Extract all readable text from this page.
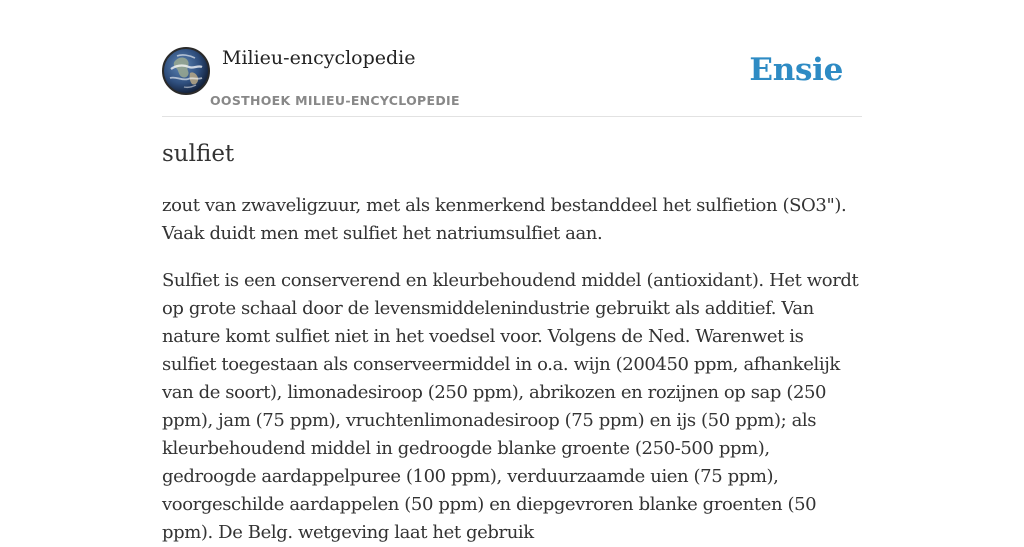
Milieu-encyclopedie
OOSTHOEK MILIEU-ENCYCLOPEDIE
Ensie
sulfiet

zout van zwaveligzuur, met als kenmerkend bestanddeel het sulfietion (SO3"). Vaak duidt men met sulfiet het natriumsulfiet aan.

Sulfiet is een conserverend en kleurbehoudend middel (antioxidant). Het wordt op grote schaal door de levensmiddelenindustrie gebruikt als additief. Van nature komt sulfiet niet in het voedsel voor. Volgens de Ned. Warenwet is sulfiet toegestaan als conserveermiddel in o.a. wijn (200450 ppm, afhankelijk van de soort), limonadesiroop (250 ppm), abrikozen en rozijnen op sap (250 ppm), jam (75 ppm), vruchtenlimonadesiroop (75 ppm) en ijs (50 ppm); als kleurbehoudend middel in gedroogde blanke groente (250-500 ppm), gedroogde aardappelpuree (100 ppm), verduurzaamde uien (75 ppm), voorgeschilde aardappelen (50 ppm) en diepgevroren blanke groenten (50 ppm). De Belg. wetgeving laat het gebruik
